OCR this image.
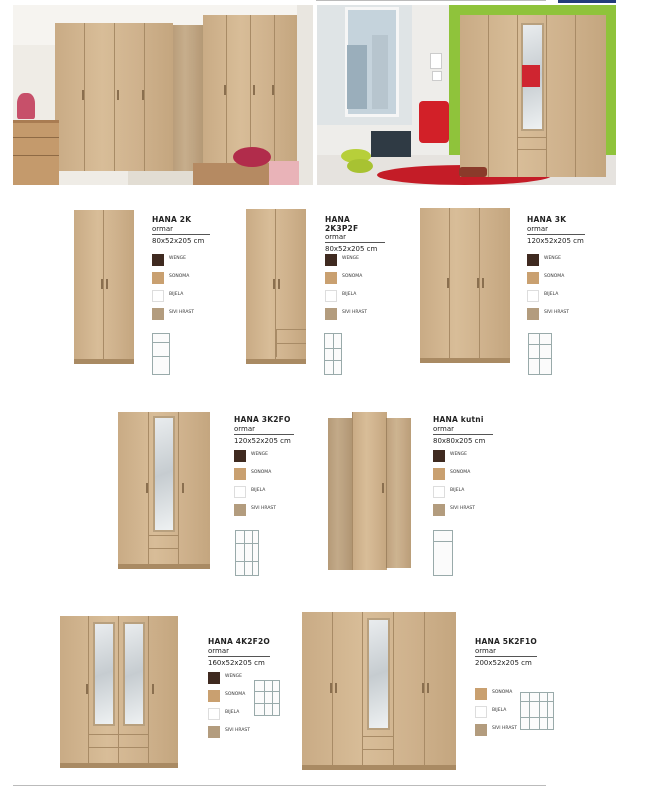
HANA 2K
ormar
80x52x205 cm
WENGE
SONOMA
BIJELA
SIVI HRAST
HANA 2K3P2F
ormar
80x52x205 cm
WENGE
SONOMA
BIJELA
SIVI HRAST
HANA 3K
ormar
120x52x205 cm
WENGE
SONOMA
BIJELA
SIVI HRAST
HANA 3K2FO
ormar
120x52x205 cm
WENGE
SONOMA
BIJELA
SIVI HRAST
HANA kutni
ormar
80x80x205 cm
WENGE
SONOMA
BIJELA
SIVI HRAST
HANA 4K2F2O
ormar
160x52x205 cm
WENGE
SONOMA
BIJELA
SIVI HRAST
HANA 5K2F1O
ormar
200x52x205 cm
SONOMA
BIJELA
SIVI HRAST
